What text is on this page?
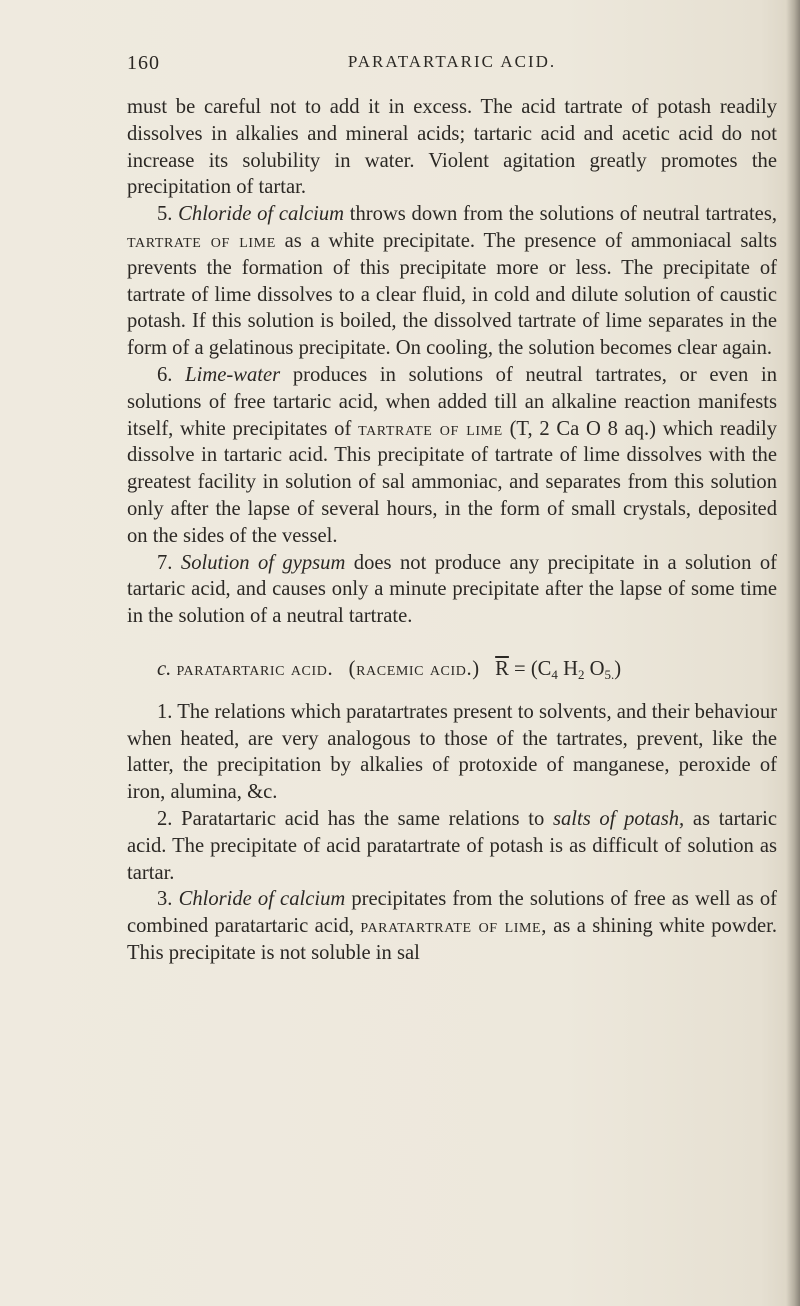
PARATARTARIC ACID.
160

must be careful not to add it in excess. The acid tartrate of potash readily dissolves in alkalies and mineral acids; tartaric acid and acetic acid do not increase its solubility in water. Violent agitation greatly promotes the precipitation of tartar.

5. Chloride of calcium throws down from the solutions of neutral tartrates, tartrate of lime as a white precipitate. The presence of ammoniacal salts prevents the formation of this precipitate more or less. The precipitate of tartrate of lime dissolves to a clear fluid, in cold and dilute solution of caustic potash. If this solution is boiled, the dissolved tartrate of lime separates in the form of a gelatinous precipitate. On cooling, the solution becomes clear again.

6. Lime-water produces in solutions of neutral tartrates, or even in solutions of free tartaric acid, when added till an alkaline reaction manifests itself, white precipitates of tartrate of lime (T, 2 Ca O 8 aq.) which readily dissolve in tartaric acid. This precipitate of tartrate of lime dissolves with the greatest facility in solution of sal ammoniac, and separates from this solution only after the lapse of several hours, in the form of small crystals, deposited on the sides of the vessel.

7. Solution of gypsum does not produce any precipitate in a solution of tartaric acid, and causes only a minute precipitate after the lapse of some time in the solution of a neutral tartrate.

c. paratartaric acid. (racemic acid.) $\overline{R} = (C_4$ $H_2$ $O_{5.}$)

1. The relations which paratartrates present to solvents, and their behaviour when heated, are very analogous to those of the tartrates, prevent, like the latter, the precipitation by alkalies of protoxide of manganese, peroxide of iron, alumina, &c.

2. Paratartaric acid has the same relations to salts of potash, as tartaric acid. The precipitate of acid paratartrate of potash is as difficult of solution as tartar.

3. Chloride of calcium precipitates from the solutions of free as well as of combined paratartaric acid, paratartrate of lime, as a shining white powder. This precipitate is not soluble in sal
